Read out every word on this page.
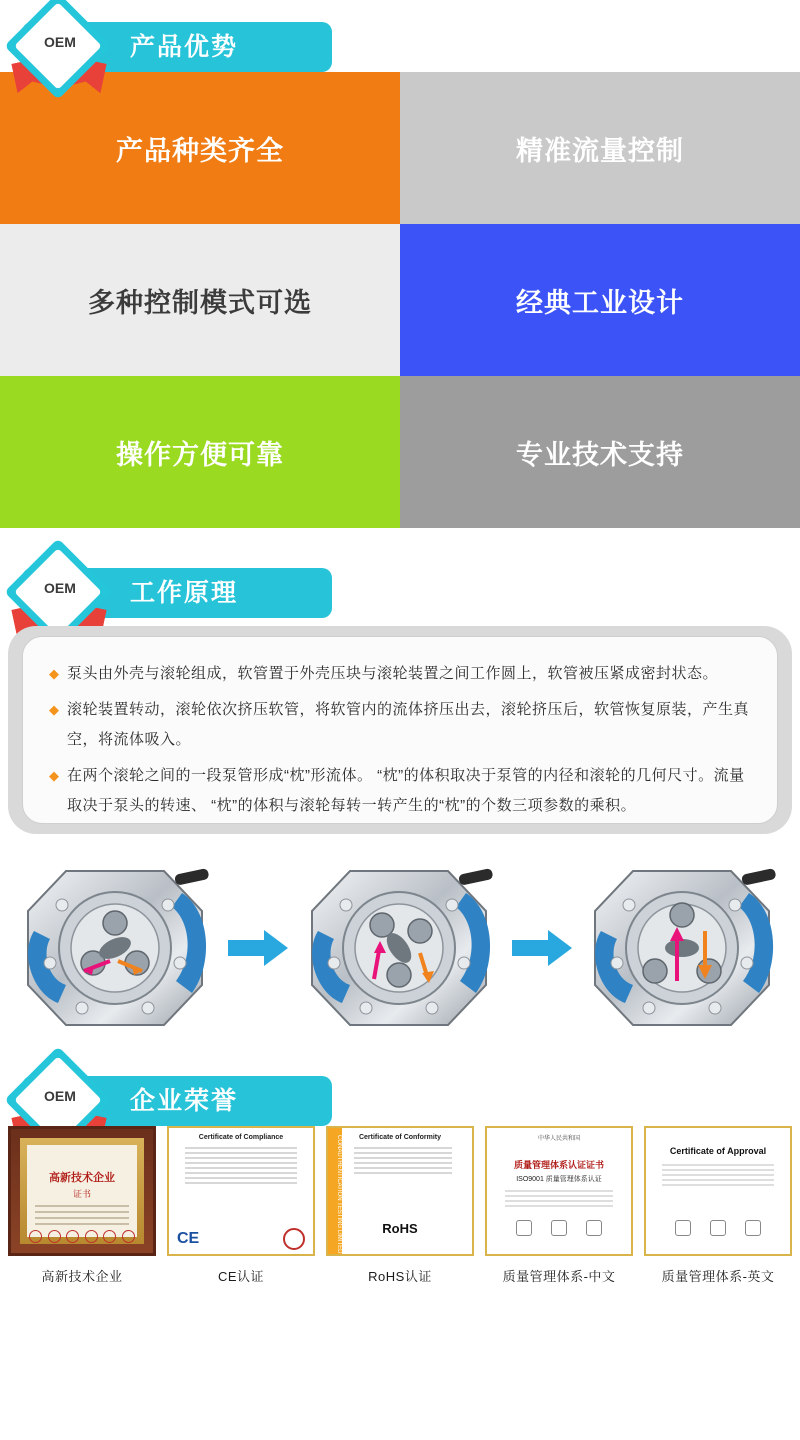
产品优势
OEM
产品种类齐全	精准流量控制
多种控制模式可选	经典工业设计
操作方便可靠	专业技术支持
工作原理
OEM
◆ 泵头由外壳与滚轮组成，软管置于外壳压块与滚轮装置之间工作圆上，软管被压紧成密封状态。
◆ 滚轮装置转动，滚轮依次挤压软管，将软管内的流体挤压出去，滚轮挤压后，软管恢复原装，产生真空，将流体吸入。
◆ 在两个滚轮之间的一段泵管形成“枕”形流体。 “枕”的体积取决于泵管的内径和滚轮的几何尺寸。流量取决于泵头的转速、 “枕”的体积与滚轮每转一转产生的“枕”的个数三项参数的乘积。
企业荣誉
OEM
高新技术企业
证书
高新技术企业
Certificate of Compliance
CE
CE认证
CONAUTHENTICATION TESTING LIMITED	Certificate of Conformity
RoHS
RoHS认证
中华人民共和国
质量管理体系认证证书
ISO9001 质量管理体系认证
质量管理体系-中文
Certificate of Approval
质量管理体系-英文
